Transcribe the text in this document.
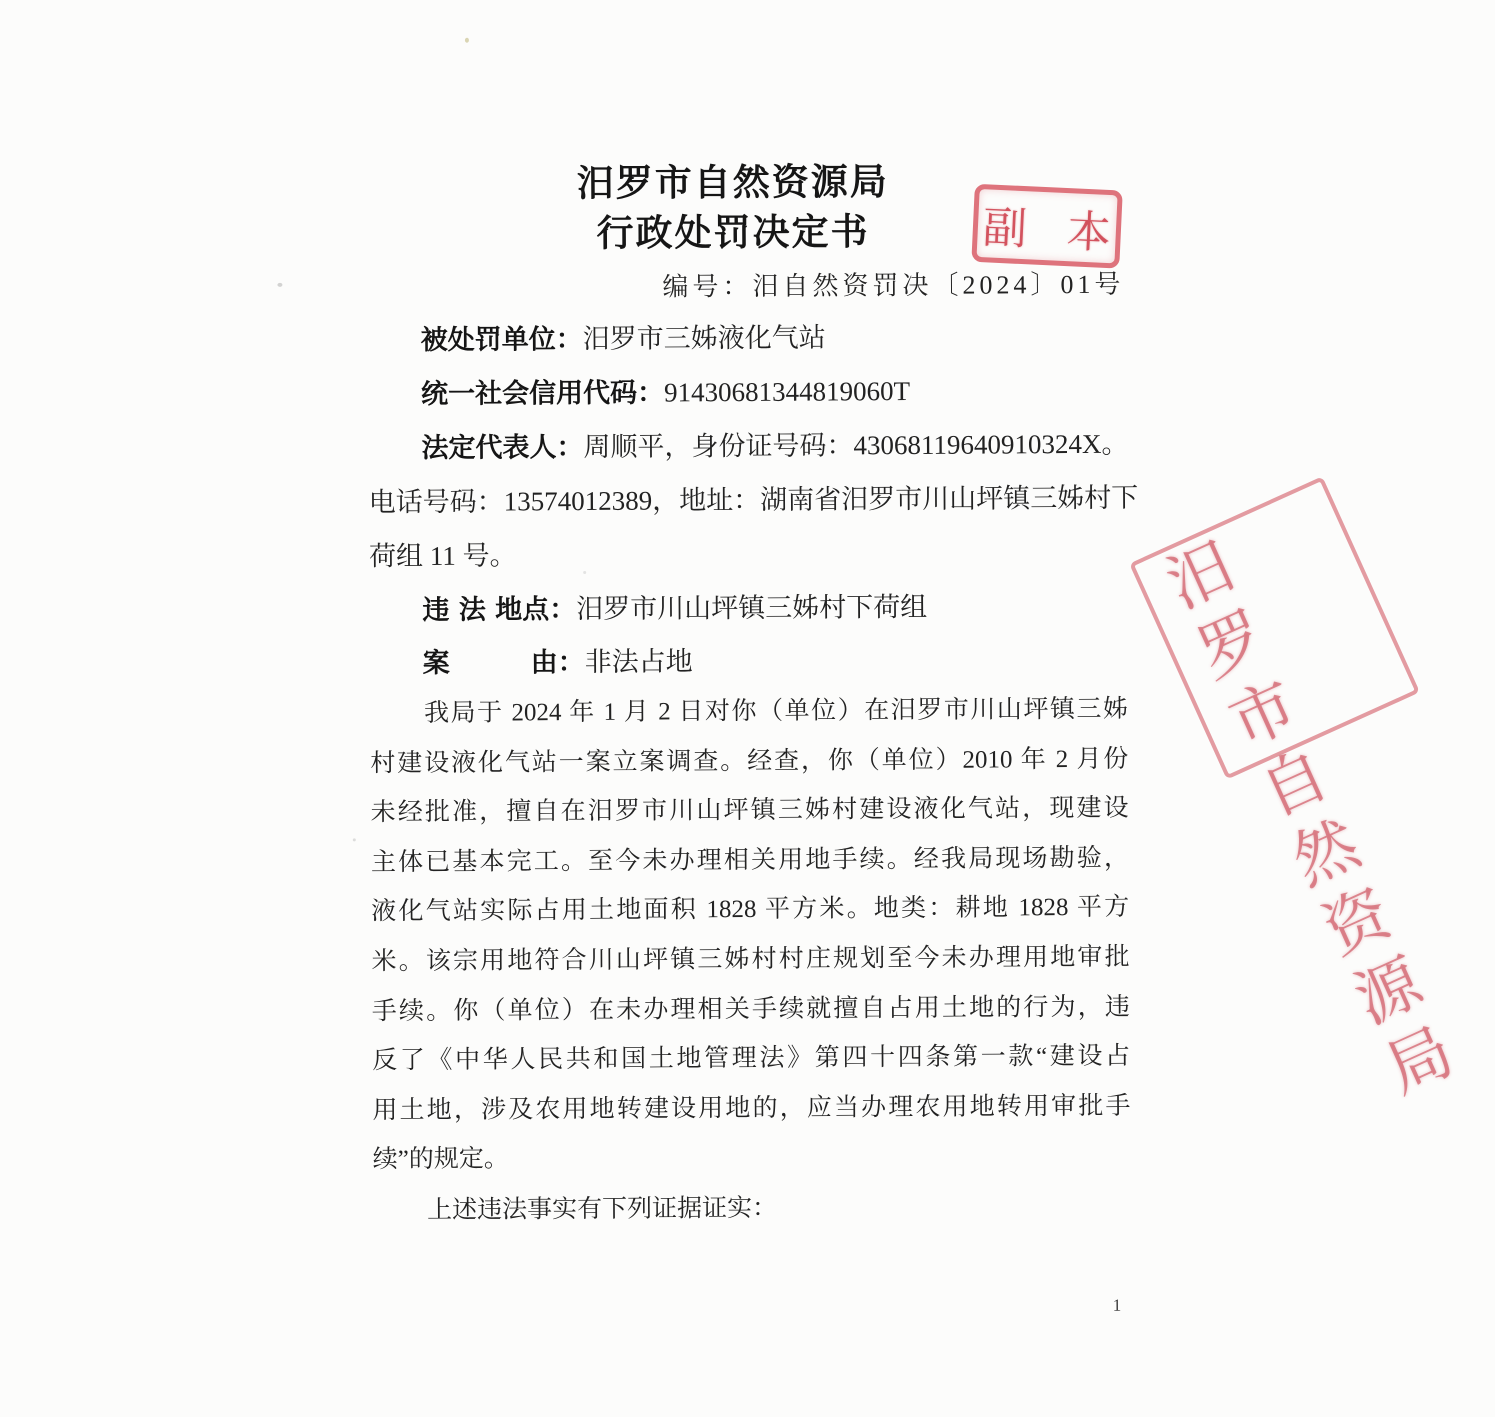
汨罗市自然资源局
行政处罚决定书	副本
编号：汨自然资罚决〔2024〕01号
被处罚单位：汨罗市三姊液化气站
统一社会信用代码：91430681344819060T
法定代表人：周顺平，身份证号码：43068119640910324X。
电话号码：13574012389，地址：湖南省汨罗市川山坪镇三姊村下
荷组 11 号。
违 法 地点：汨罗市川山坪镇三姊村下荷组
案　　　由：非法占地	汨罗市自然资源局
我局于 2024 年 1 月 2 日对你（单位）在汨罗市川山坪镇三姊
村建设液化气站一案立案调查。经查，你（单位）2010 年 2 月份
未经批准，擅自在汨罗市川山坪镇三姊村建设液化气站，现建设
主体已基本完工。至今未办理相关用地手续。经我局现场勘验，
液化气站实际占用土地面积 1828 平方米。地类：耕地 1828 平方
米。该宗用地符合川山坪镇三姊村村庄规划至今未办理用地审批
手续。你（单位）在未办理相关手续就擅自占用土地的行为，违
反了《中华人民共和国土地管理法》第四十四条第一款“建设占
用土地，涉及农用地转建设用地的，应当办理农用地转用审批手
续”的规定。
上述违法事实有下列证据证实：
1
